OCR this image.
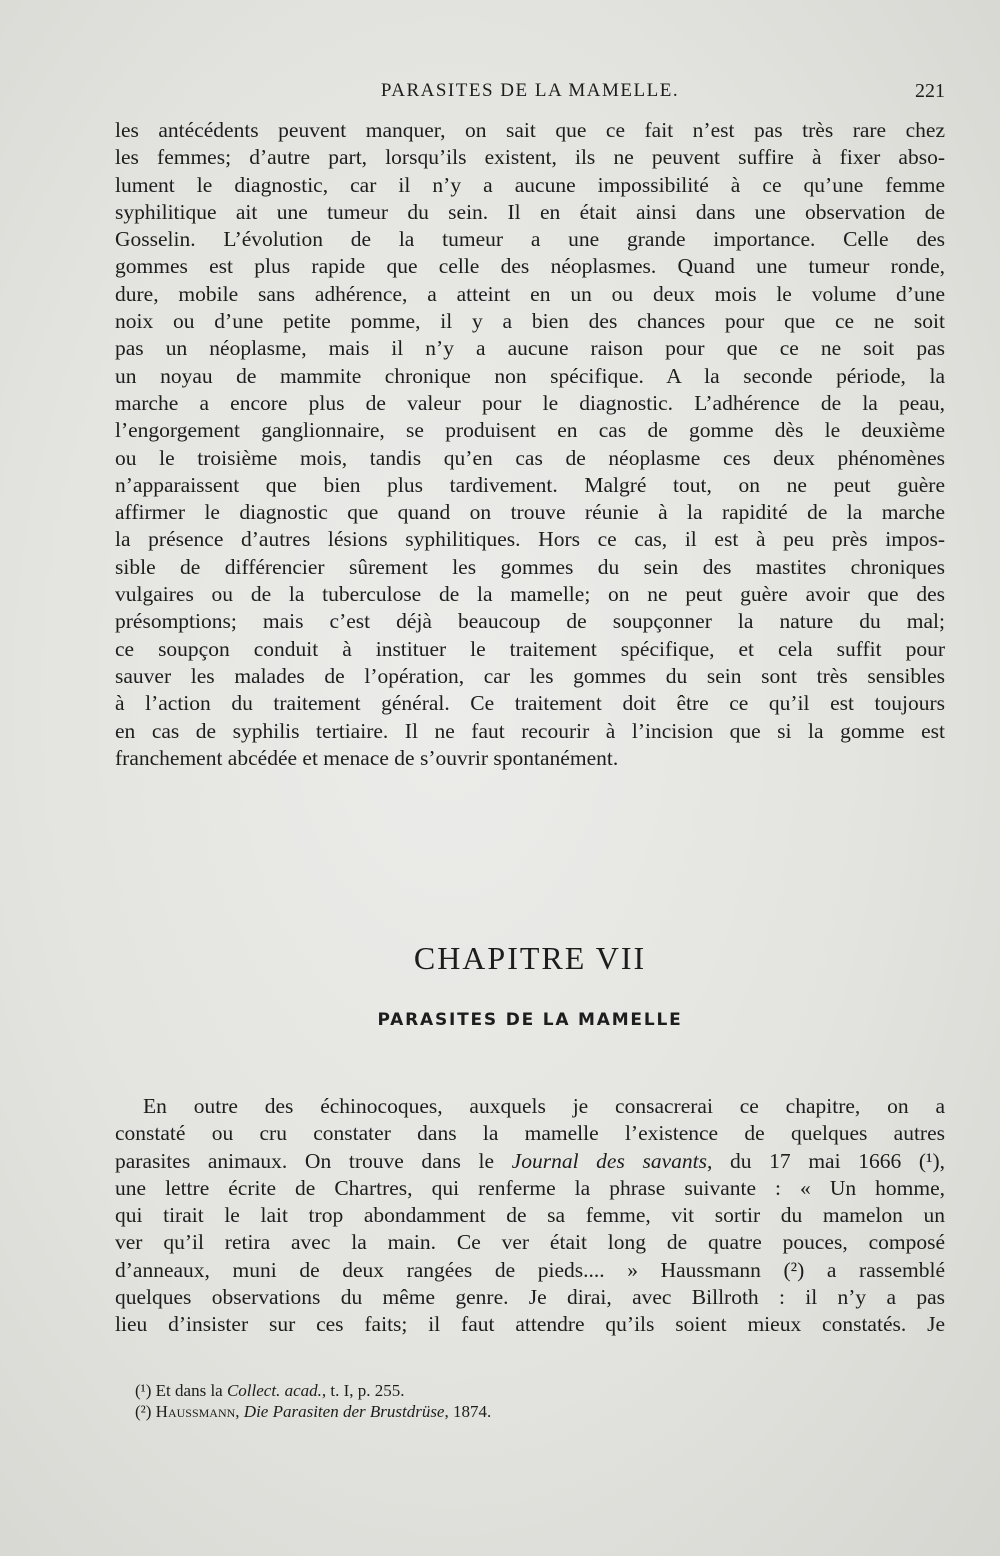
PARASITES DE LA MAMELLE.	221
les antécédents peuvent manquer, on sait que ce fait n’est pas très rare chez
les femmes; d’autre part, lorsqu’ils existent, ils ne peuvent suffire à fixer abso-
lument le diagnostic, car il n’y a aucune impossibilité à ce qu’une femme
syphilitique ait une tumeur du sein. Il en était ainsi dans une observation de
Gosselin. L’évolution de la tumeur a une grande importance. Celle des
gommes est plus rapide que celle des néoplasmes. Quand une tumeur ronde,
dure, mobile sans adhérence, a atteint en un ou deux mois le volume d’une
noix ou d’une petite pomme, il y a bien des chances pour que ce ne soit
pas un néoplasme, mais il n’y a aucune raison pour que ce ne soit pas
un noyau de mammite chronique non spécifique. A la seconde période, la
marche a encore plus de valeur pour le diagnostic. L’adhérence de la peau,
l’engorgement ganglionnaire, se produisent en cas de gomme dès le deuxième
ou le troisième mois, tandis qu’en cas de néoplasme ces deux phénomènes
n’apparaissent que bien plus tardivement. Malgré tout, on ne peut guère
affirmer le diagnostic que quand on trouve réunie à la rapidité de la marche
la présence d’autres lésions syphilitiques. Hors ce cas, il est à peu près impos-
sible de différencier sûrement les gommes du sein des mastites chroniques
vulgaires ou de la tuberculose de la mamelle; on ne peut guère avoir que des
présomptions; mais c’est déjà beaucoup de soupçonner la nature du mal;
ce soupçon conduit à instituer le traitement spécifique, et cela suffit pour
sauver les malades de l’opération, car les gommes du sein sont très sensibles
à l’action du traitement général. Ce traitement doit être ce qu’il est toujours
en cas de syphilis tertiaire. Il ne faut recourir à l’incision que si la gomme est
franchement abcédée et menace de s’ouvrir spontanément.
CHAPITRE VII
PARASITES DE LA MAMELLE
En outre des échinocoques, auxquels je consacrerai ce chapitre, on a
constaté ou cru constater dans la mamelle l’existence de quelques autres
parasites animaux. On trouve dans le Journal des savants, du 17 mai 1666 (¹),
une lettre écrite de Chartres, qui renferme la phrase suivante : « Un homme,
qui tirait le lait trop abondamment de sa femme, vit sortir du mamelon un
ver qu’il retira avec la main. Ce ver était long de quatre pouces, composé
d’anneaux, muni de deux rangées de pieds.... » Haussmann (²) a rassemblé
quelques observations du même genre. Je dirai, avec Billroth : il n’y a pas
lieu d’insister sur ces faits; il faut attendre qu’ils soient mieux constatés. Je
(¹) Et dans la Collect. acad., t. I, p. 255.
(²) Haussmann, Die Parasiten der Brustdrüse, 1874.
